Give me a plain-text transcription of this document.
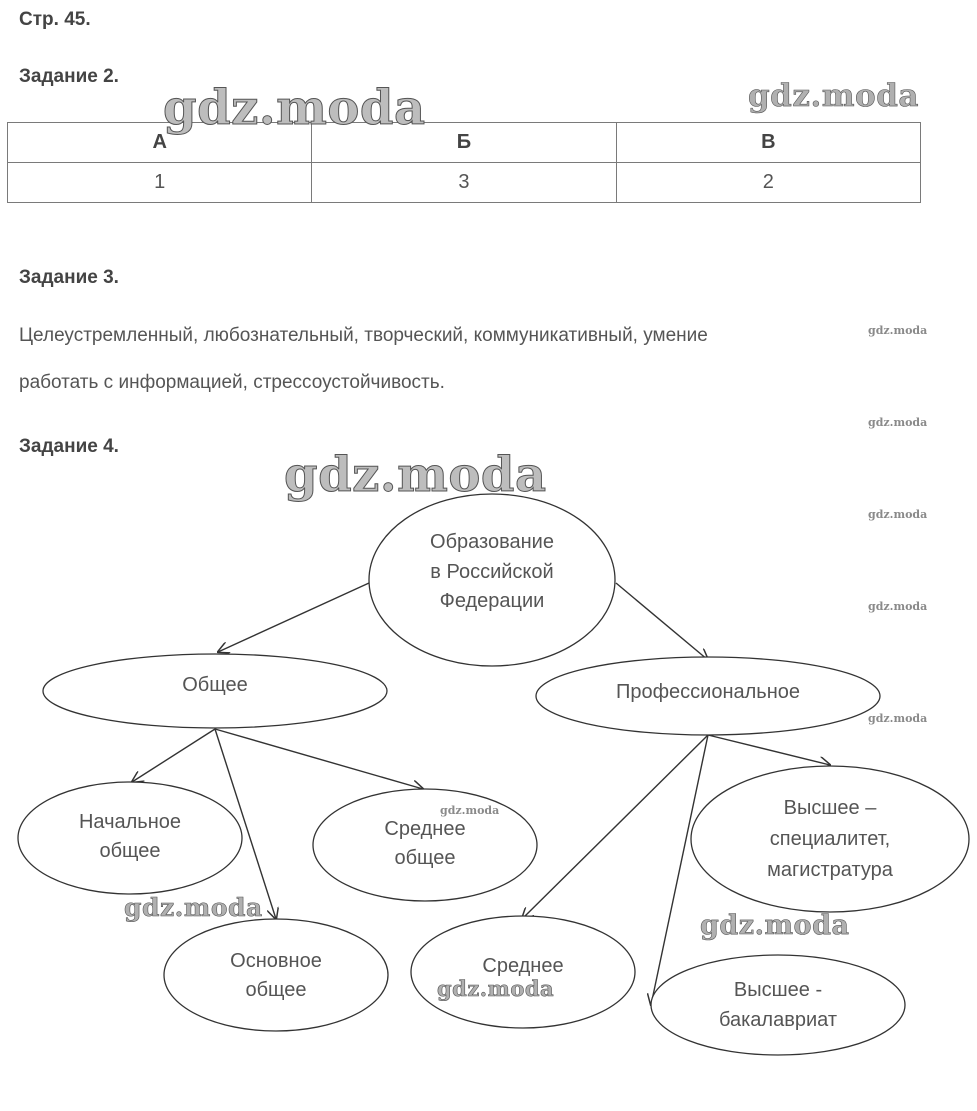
Стр. 45.
Задание 2.
А	Б	В
1	3	2
Задание 3.
Целеустремленный, любознательный, творческий, коммуникативный, умение
работать с информацией, стрессоустойчивость.
Задание 4.
Образование
в Российской
Федерации
Общее	Профессиональное
Начальное
общее
Среднее
общее
Основное
общее
Среднее
Высшее –
специалитет,
магистратура
Высшее -
бакалавриат
gdz.moda	gdz.moda
gdz.moda
gdz.moda
gdz.moda
gdz.moda
gdz.moda
gdz.moda
gdz.moda
gdz.moda
gdz.moda
gdz.moda
